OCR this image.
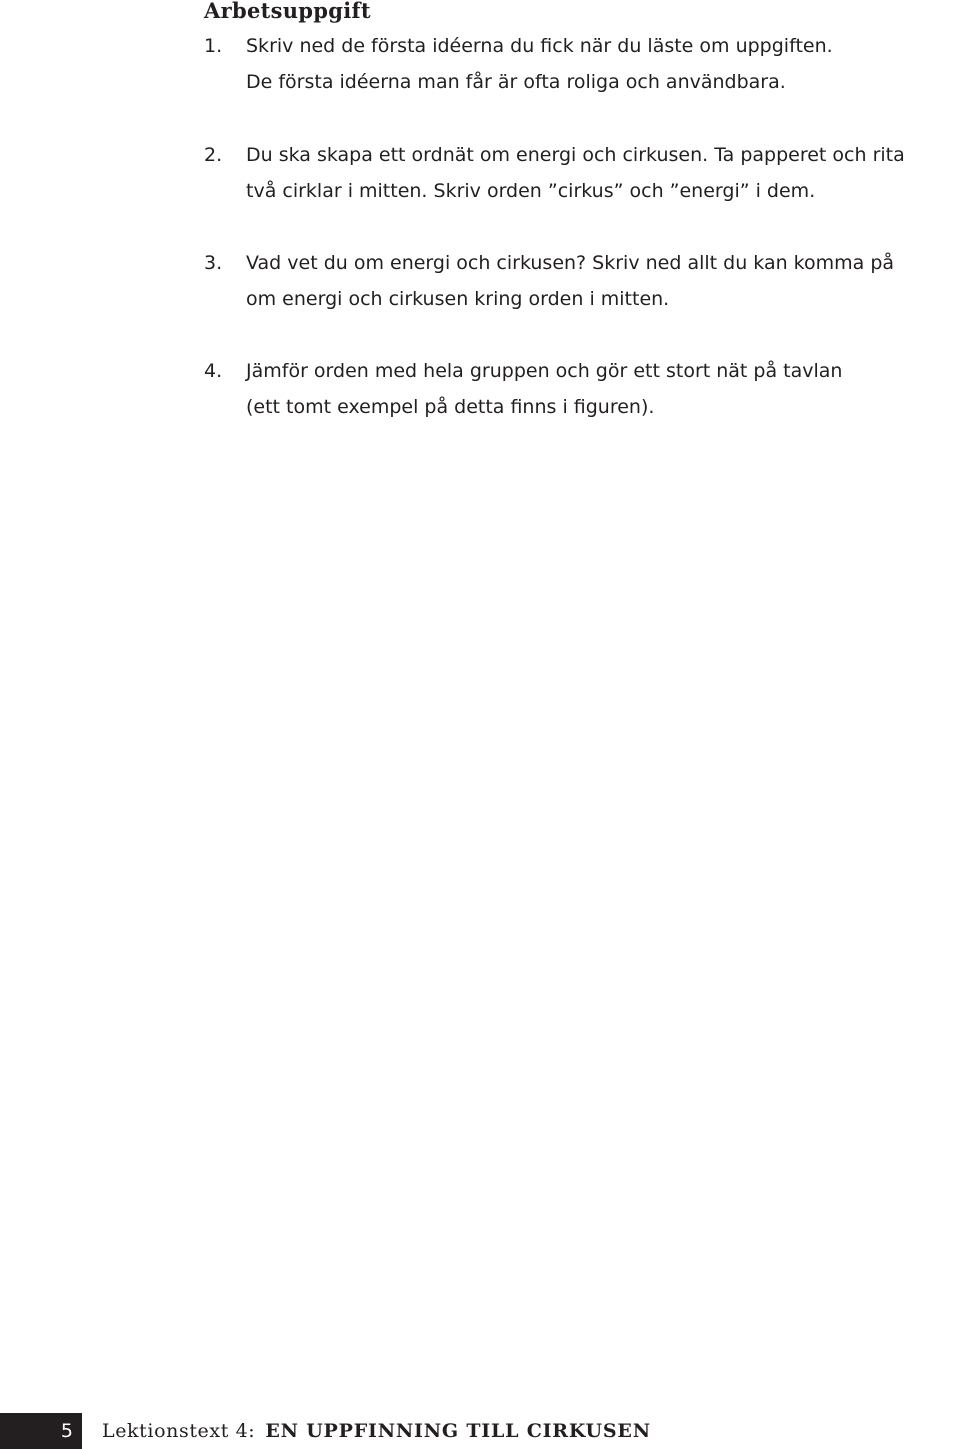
Arbetsuppgift
1.	Skriv ned de första idéerna du fick när du läste om uppgiften.
De första idéerna man får är ofta roliga och användbara.
2.	Du ska skapa ett ordnät om energi och cirkusen. Ta papperet och rita
två cirklar i mitten. Skriv orden ”cirkus” och ”energi” i dem.
3.	Vad vet du om energi och cirkusen? Skriv ned allt du kan komma på
om energi och cirkusen kring orden i mitten.
4.	Jämför orden med hela gruppen och gör ett stort nät på tavlan
(ett tomt exempel på detta finns i figuren).
5	Lektionstext 4: EN UPPFINNING TILL CIRKUSEN
